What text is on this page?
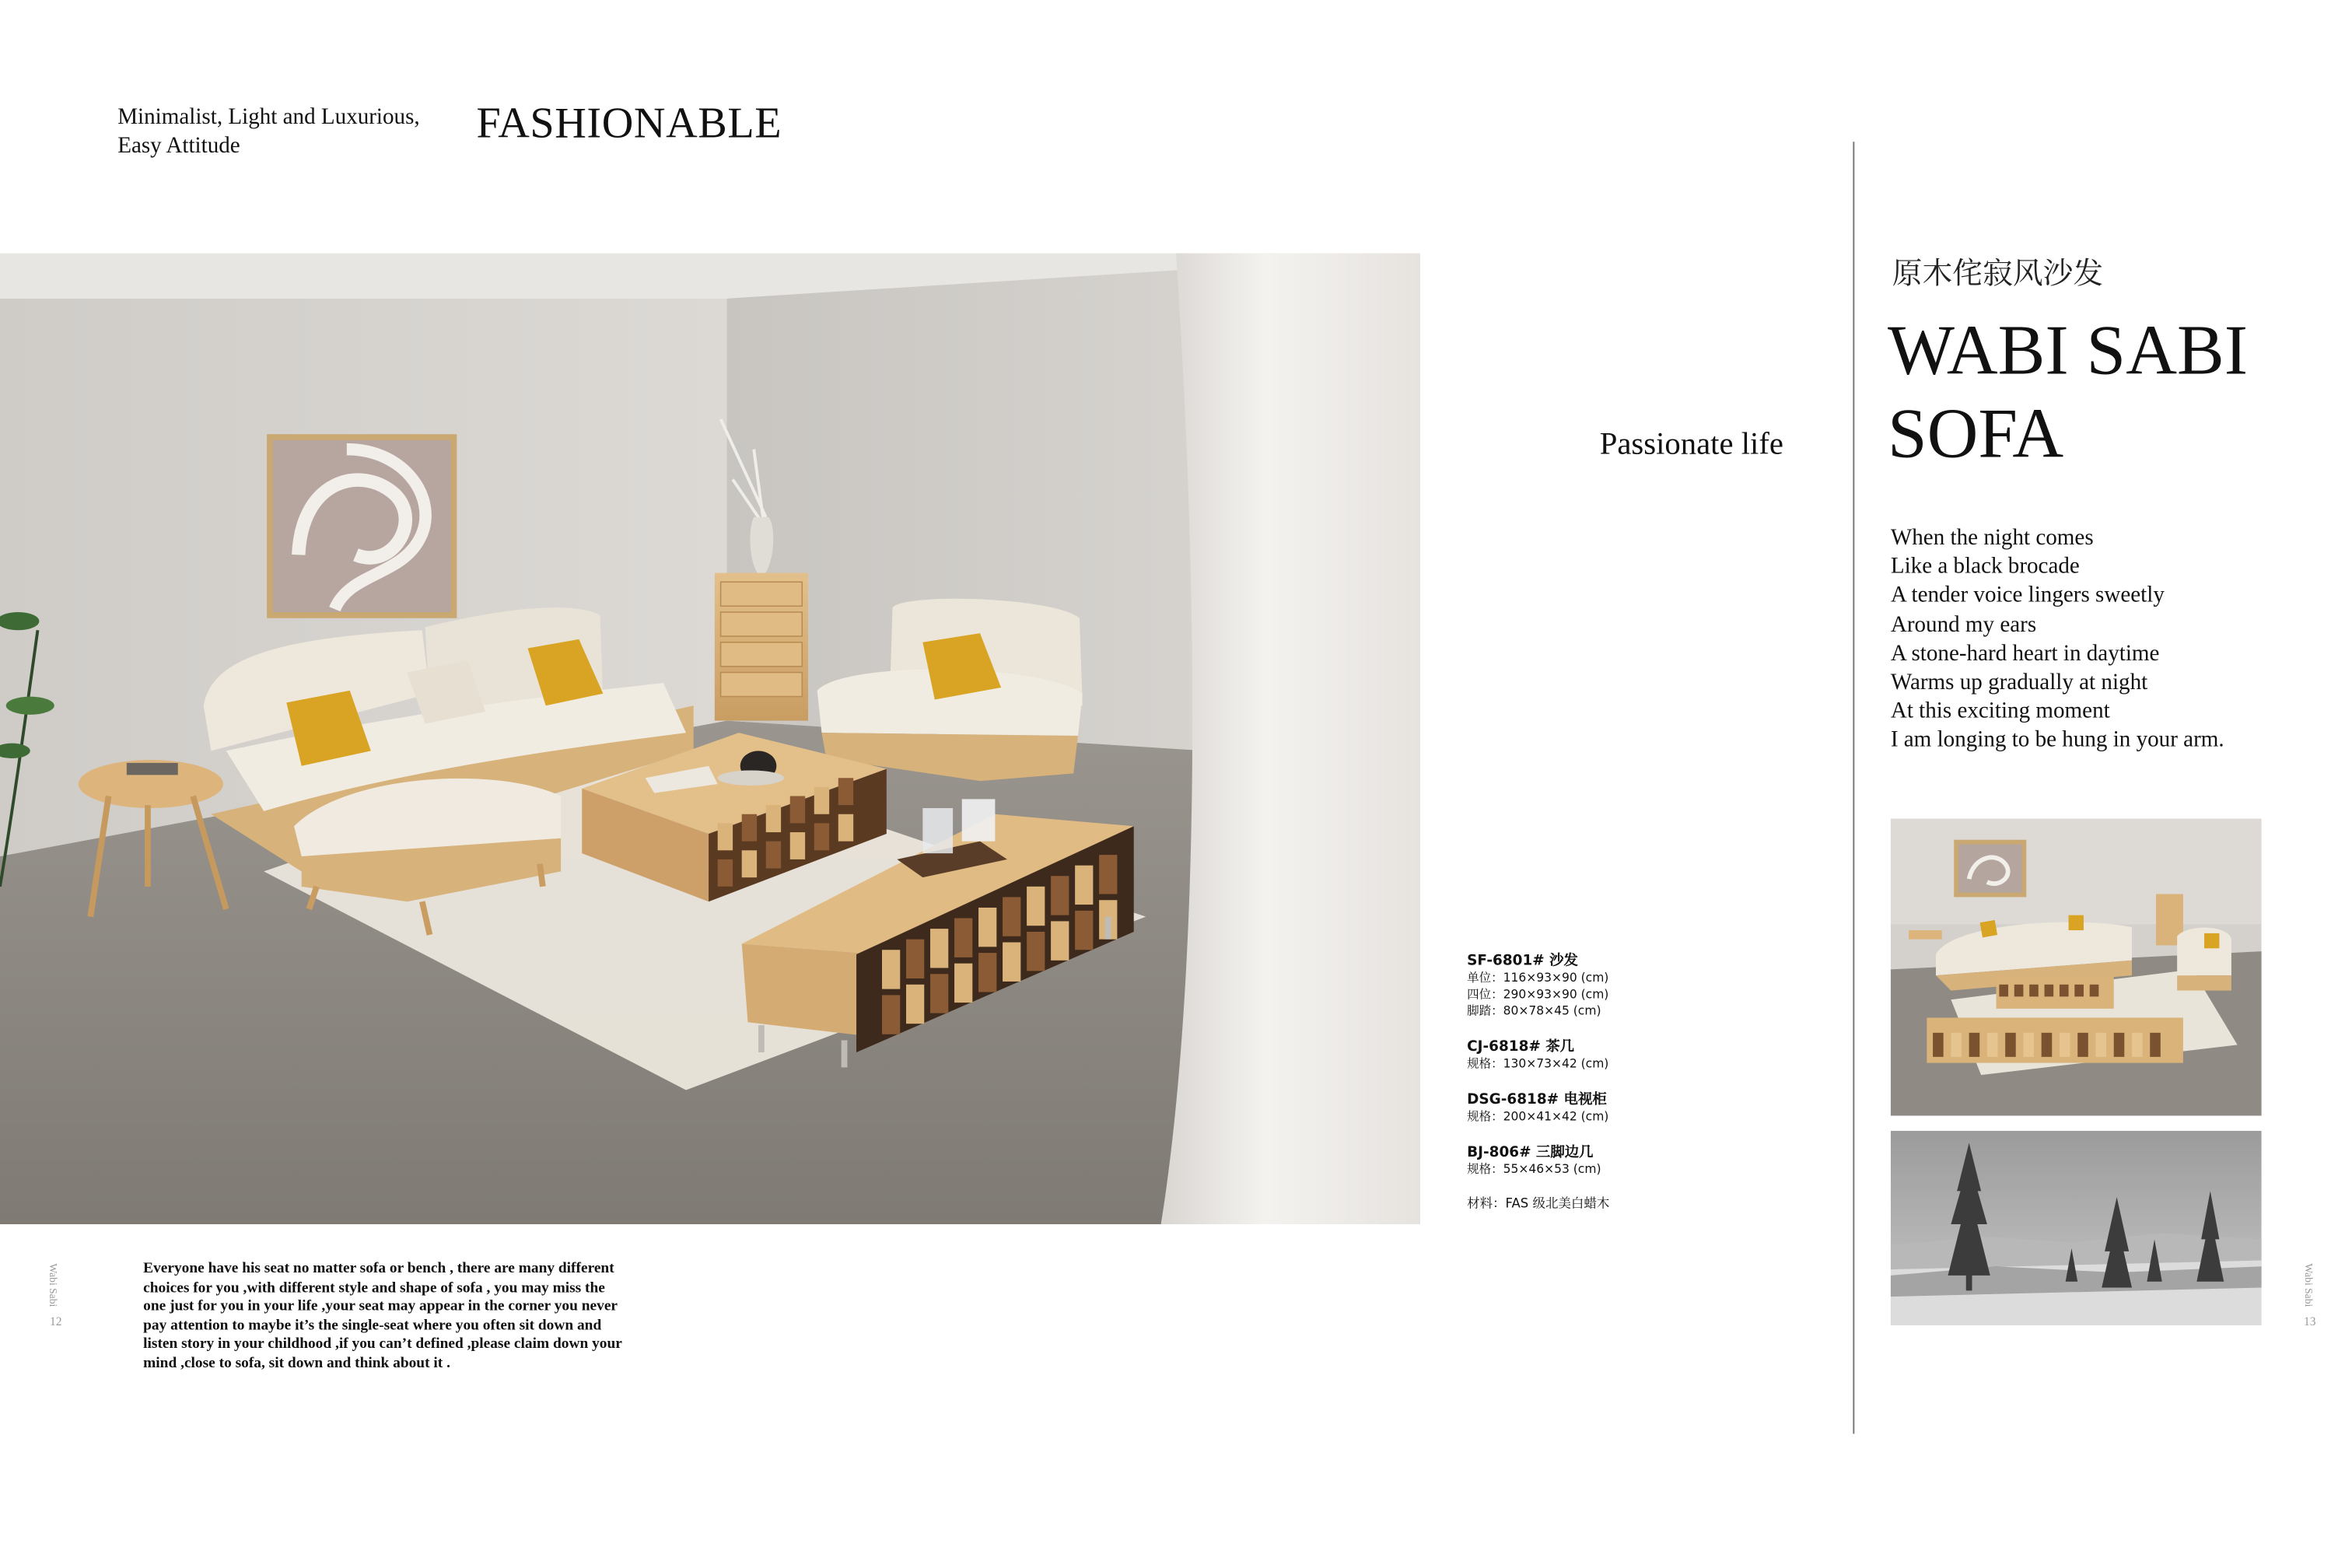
Minimalist, Light and Luxurious,
Easy Attitude	FASHIONABLE
Passionate life
SF-6801# 沙发
单位：116×93×90 (cm)
四位：290×93×90 (cm)
脚踏：80×78×45 (cm)
CJ-6818# 茶几
规格：130×73×42 (cm)
DSG-6818# 电视柜
规格：200×41×42 (cm)
BJ-806# 三脚边几
规格：55×46×53 (cm)
材料：FAS 级北美白蜡木
Everyone have his seat no matter sofa or bench , there are many different
choices for you ,with different style and shape of sofa , you may miss the
one just for you in your life ,your seat may appear in the corner you never
pay attention to maybe it’s the single-seat where you often sit down and
listen story in your childhood ,if you can’t defined ,please claim down your
mind ,close to sofa, sit down and think about it .
Wabi Sabi
12
原木侘寂风沙发
WABI SABI
SOFA
When the night comes
Like a black brocade
A tender voice lingers sweetly
Around my ears
A stone-hard heart in daytime
Warms up gradually at night
At this exciting moment
I am longing to be hung in your arm.
Wabi Sabi
13
